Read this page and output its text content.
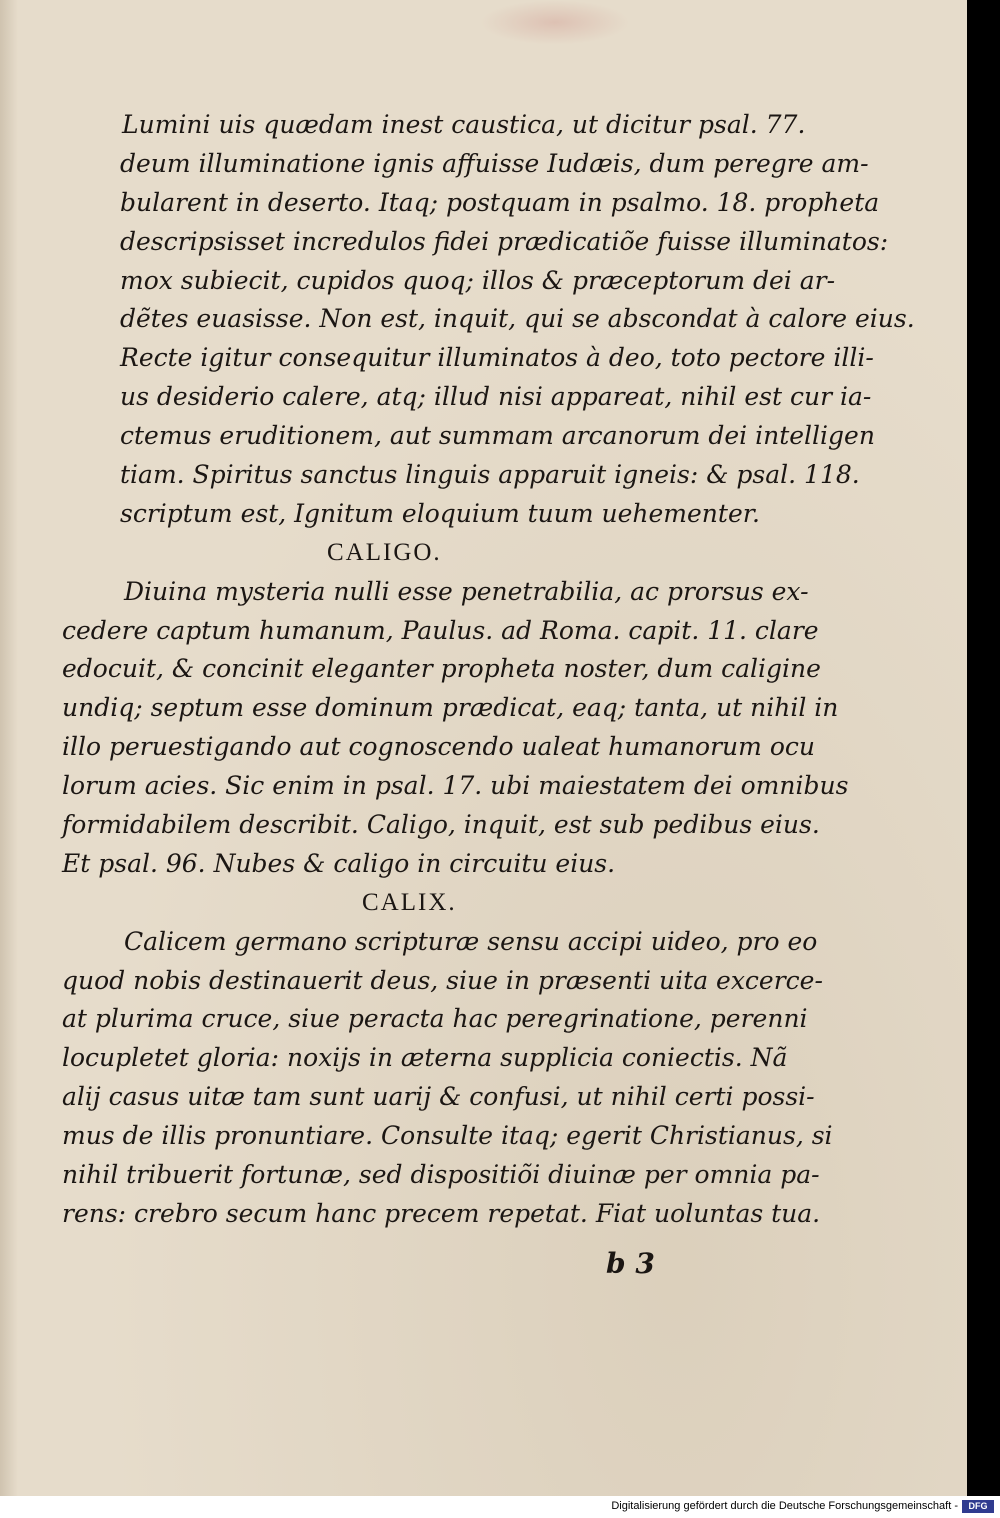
Lumini uis quædam inest caustica, ut dicitur psal. 77.
deum illuminatione ignis affuisse Iudæis, dum peregre am-
bularent in deserto. Itaq; postquam in psalmo. 18. propheta
descripsisset incredulos fidei prædicatiõe fuisse illuminatos:
mox subiecit, cupidos quoq; illos & præceptorum dei ar-
dẽtes euasisse. Non est, inquit, qui se abscondat à calore eius.
Recte igitur consequitur illuminatos à deo, toto pectore illi-
us desiderio calere, atq; illud nisi appareat, nihil est cur ia-
ctemus eruditionem, aut summam arcanorum dei intelligen
tiam. Spiritus sanctus linguis apparuit igneis: & psal. 118.
scriptum est, Ignitum eloquium tuum uehementer.
CALIGO.
Diuina mysteria nulli esse penetrabilia, ac prorsus ex-
cedere captum humanum, Paulus. ad Roma. capit. 11. clare
edocuit, & concinit eleganter propheta noster, dum caligine
undiq; septum esse dominum prædicat, eaq; tanta, ut nihil in
illo peruestigando aut cognoscendo ualeat humanorum ocu
lorum acies. Sic enim in psal. 17. ubi maiestatem dei omnibus
formidabilem describit. Caligo, inquit, est sub pedibus eius.
Et psal. 96. Nubes & caligo in circuitu eius.
CALIX.
Calicem germano scripturæ sensu accipi uideo, pro eo
quod nobis destinauerit deus, siue in præsenti uita excerce-
at plurima cruce, siue peracta hac peregrinatione, perenni
locupletet gloria: noxijs in æterna supplicia coniectis. Nã
alij casus uitæ tam sunt uarij & confusi, ut nihil certi possi-
mus de illis pronuntiare. Consulte itaq; egerit Christianus, si
nihil tribuerit fortunæ, sed dispositiõi diuinæ per omnia pa-
rens: crebro secum hanc precem repetat. Fiat uoluntas tua.
b 3
Digitalisierung gefördert durch die Deutsche Forschungsgemeinschaft -	DFG
